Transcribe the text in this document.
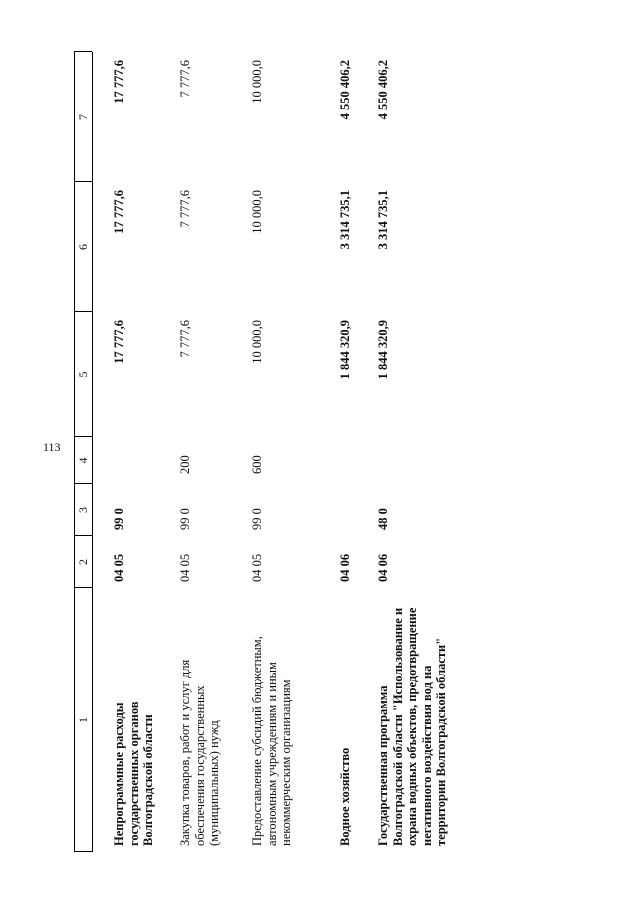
113
1
2
3
4
5
6
7
Непрограммные расходы государственных органов Волгоградской области
04 05
99 0
17 777,6
17 777,6
17 777,6
Закупка товаров, работ и услуг для обеспечения государственных (муниципальных) нужд
04 05
99 0
200
7 777,6
7 777,6
7 777,6
Предоставление субсидий бюджетным, автономным учреждениям и иным некоммерческим организациям
04 05
99 0
600
10 000,0
10 000,0
10 000,0
Водное хозяйство
04 06
1 844 320,9
3 314 735,1
4 550 406,2
Государственная программа Волгоградской области "Использование и охрана водных объектов, предотвращение негативного воздействия вод на территории Волгоградской области"
04 06
48 0
1 844 320,9
3 314 735,1
4 550 406,2
